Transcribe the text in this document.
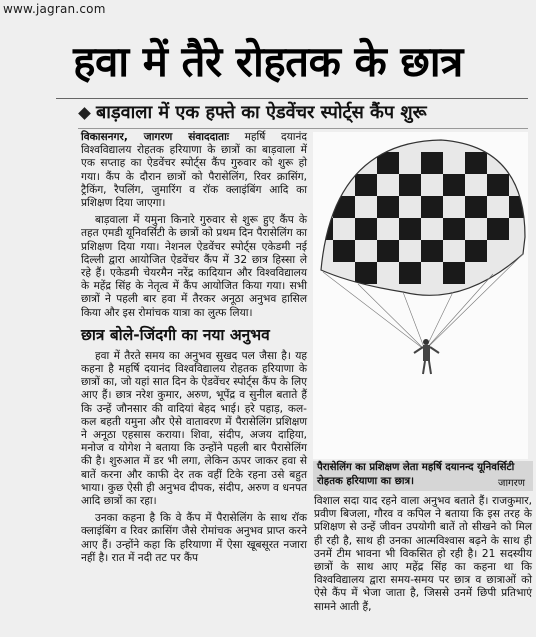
www.jagran.com
हवा में तैरे रोहतक के छात्र
बाड़वाला में एक हफ्ते का ऐडवेंचर स्पोर्ट्स कैंप शुरू

विकासनगर, जागरण संवाददाताः महर्षि दयानंद विश्वविद्यालय रोहतक हरियाणा के छात्रों का बाड़वाला में एक सप्ताह का ऐडवेंचर स्पोर्ट्स कैंप गुरुवार को शुरू हो गया। कैंप के दौरान छात्रों को पैरासेलिंग, रिवर क्रासिंग, ट्रैकिंग, रैपलिंग, जुमारिंग व रॉक क्लाइंबिंग आदि का प्रशिक्षण दिया जाएगा।

बाड़वाला में यमुना किनारे गुरुवार से शुरू हुए कैंप के तहत एमडी यूनिवर्सिटी के छात्रों को प्रथम दिन पैरासेलिंग का प्रशिक्षण दिया गया। नेशनल ऐडवेंचर स्पोर्ट्स एकेडमी नई दिल्ली द्वारा आयोजित ऐडवेंचर कैंप में 32 छात्र हिस्सा ले रहे हैं। एकेडमी चेयरमैन नरेंद्र कादियान और विश्वविद्यालय के महेंद्र सिंह के नेतृत्व में कैंप आयोजित किया गया। सभी छात्रों ने पहली बार हवा में तैरकर अनूठा अनुभव हासिल किया और इस रोमांचक यात्रा का लुत्फ लिया।

छात्र बोले-जिंदगी का नया अनुभव

हवा में तैरते समय का अनुभव सुखद पल जैसा है। यह कहना है महर्षि दयानंद विश्वविद्यालय रोहतक हरियाणा के छात्रों का, जो यहां सात दिन के ऐडवेंचर स्पोर्ट्स कैंप के लिए आए हैं। छात्र नरेश कुमार, अरुण, भूपेंद्र व सुनील बताते हैं कि उन्हें जौनसार की वादियां बेहद भाई। हरे पहाड़, कल-कल बहती यमुना और ऐसे वातावरण में पैरासेलिंग प्रशिक्षण ने अनूठा एहसास कराया। शिवा, संदीप, अजय दाहिया, मनोज व योगेश ने बताया कि उन्होंने पहली बार पैरासेलिंग की है। शुरुआत में डर भी लगा, लेकिन ऊपर जाकर हवा से बातें करना और काफी देर तक वहीं टिके रहना उसे बहुत भाया। कुछ ऐसी ही अनुभव दीपक, संदीप, अरुण व धनपत आदि छात्रों का रहा।

उनका कहना है कि वे कैंप में पैरासेलिंग के साथ रॉक क्लाइंबिंग व रिवर क्रासिंग जैसे रोमांचक अनुभव प्राप्त करने आए हैं। उन्होंने कहा कि हरियाणा में ऐसा खूबसूरत नजारा नहीं है। रात में नदी तट पर कैंप

पैरासेलिंग का प्रशिक्षण लेता महर्षि दयानन्द यूनिवर्सिटी रोहतक हरियाणा का छात्र।	जागरण

विशाल सदा याद रहने वाला अनुभव बताते हैं। राजकुमार, प्रवीण बिजला, गौरव व कपिल ने बताया कि इस तरह के प्रशिक्षण से उन्हें जीवन उपयोगी बातें तो सीखने को मिल ही रही है, साथ ही उनका आत्मविश्वास बढ़ने के साथ ही उनमें टीम भावना भी विकसित हो रही है। 21 सदस्यीय छात्रों के साथ आए महेंद्र सिंह का कहना था कि विश्वविद्यालय द्वारा समय-समय पर छात्र व छात्राओं को ऐसे कैंप में भेजा जाता है, जिससे उनमें छिपी प्रतिभाएं सामने आती हैं,
